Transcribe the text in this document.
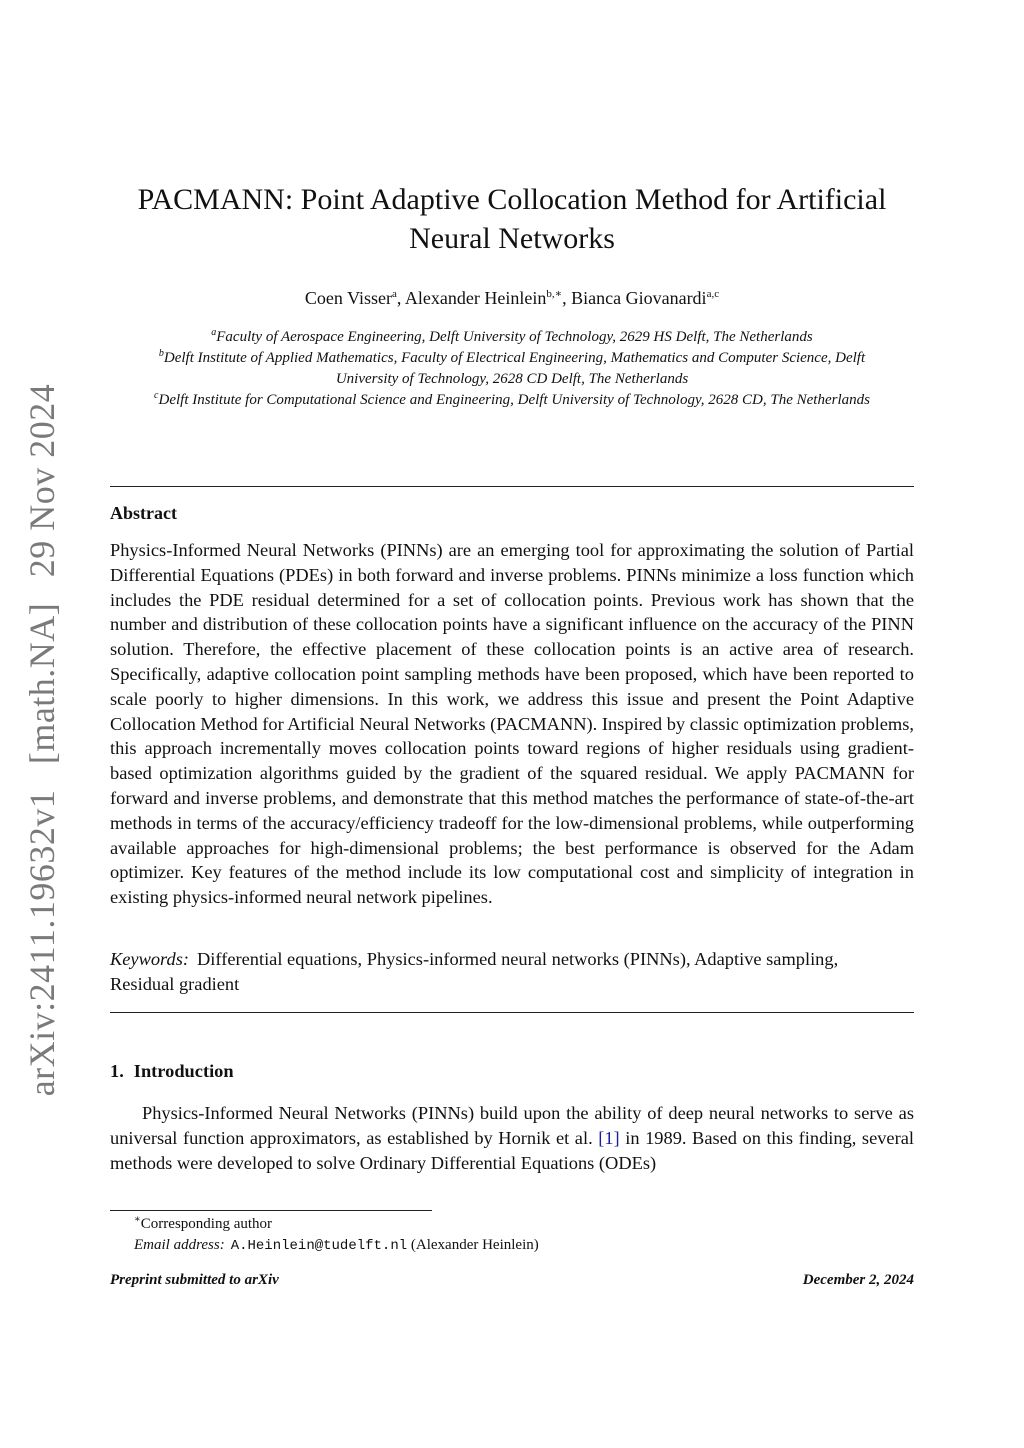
arXiv:2411.19632v1 [math.NA] 29 Nov 2024
PACMANN: Point Adaptive Collocation Method for Artificial
Neural Networks
Coen Visser$^a$, Alexander Heinlein$^{b,∗}$, Bianca Giovanardi$^{a,c}$
$^a$Faculty of Aerospace Engineering, Delft University of Technology, 2629 HS Delft, The Netherlands
$^b$Delft Institute of Applied Mathematics, Faculty of Electrical Engineering, Mathematics and Computer Science, Delft University of Technology, 2628 CD Delft, The Netherlands
$^c$Delft Institute for Computational Science and Engineering, Delft University of Technology, 2628 CD, The Netherlands
Abstract

Physics-Informed Neural Networks (PINNs) are an emerging tool for approximating the solution of Partial Differential Equations (PDEs) in both forward and inverse problems. PINNs minimize a loss function which includes the PDE residual determined for a set of collocation points. Previous work has shown that the number and distribution of these collocation points have a significant influence on the accuracy of the PINN solution. Therefore, the effective placement of these collocation points is an active area of research. Specifically, adaptive collocation point sampling methods have been proposed, which have been reported to scale poorly to higher dimensions. In this work, we address this issue and present the Point Adaptive Collocation Method for Artificial Neural Networks (PACMANN). Inspired by classic optimization problems, this approach incrementally moves collocation points toward regions of higher residuals using gradient-based optimization algorithms guided by the gradient of the squared residual. We apply PACMANN for forward and inverse problems, and demonstrate that this method matches the performance of state-of-the-art methods in terms of the accuracy/efficiency tradeoff for the low-dimensional problems, while outperforming available approaches for high-dimensional problems; the best performance is observed for the Adam optimizer. Key features of the method include its low computational cost and simplicity of integration in existing physics-informed neural network pipelines.

Keywords: Differential equations, Physics-informed neural networks (PINNs), Adaptive sampling, Residual gradient

1. Introduction

Physics-Informed Neural Networks (PINNs) build upon the ability of deep neural networks to serve as universal function approximators, as established by Hornik et al. [1] in 1989. Based on this finding, several methods were developed to solve Ordinary Differential Equations (ODEs)

∗Corresponding author
Email address: A.Heinlein@tudelft.nl (Alexander Heinlein)
Preprint submitted to arXiv	December 2, 2024
